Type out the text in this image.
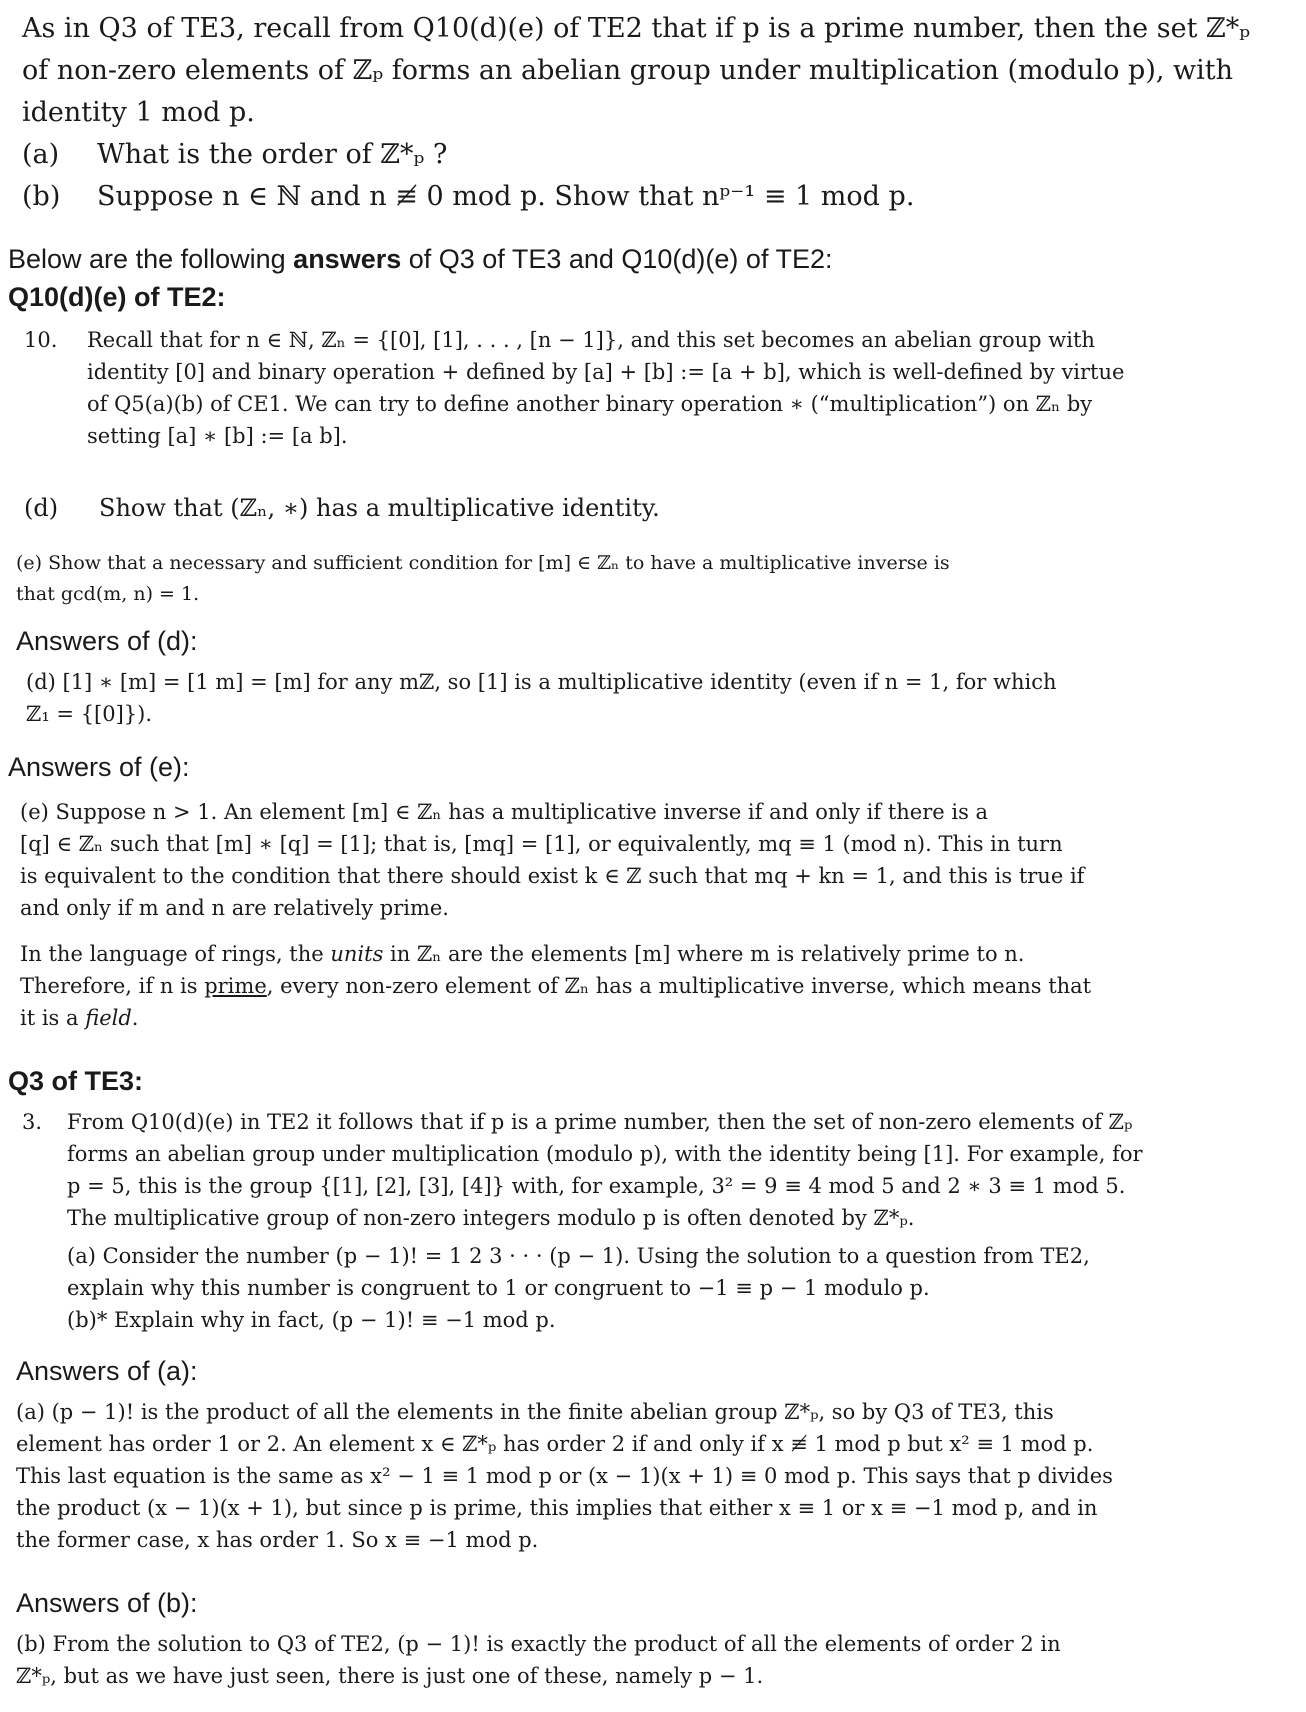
As in Q3 of TE3, recall from Q10(d)(e) of TE2 that if p is a prime number, then the set ℤ*ₚ

of non-zero elements of ℤₚ forms an abelian group under multiplication (modulo p), with

identity 1 mod p.

(a) What is the order of ℤ*ₚ ?

(b) Suppose n ∈ ℕ and n ≢ 0 mod p. Show that nᵖ⁻¹ ≡ 1 mod p.

Below are the following answers of Q3 of TE3 and Q10(d)(e) of TE2:

Q10(d)(e) of TE2:

10. Recall that for n ∈ ℕ, ℤₙ = {[0], [1], . . . , [n − 1]}, and this set becomes an abelian group with

identity [0] and binary operation + defined by [a] + [b] := [a + b], which is well-defined by virtue

of Q5(a)(b) of CE1. We can try to define another binary operation ∗ (“multiplication”) on ℤₙ by

setting [a] ∗ [b] := [a b].

(d) Show that (ℤₙ, ∗) has a multiplicative identity.

(e) Show that a necessary and sufficient condition for [m] ∈ ℤₙ to have a multiplicative inverse is

that gcd(m, n) = 1.

Answers of (d):

(d) [1] ∗ [m] = [1 m] = [m] for any mℤ, so [1] is a multiplicative identity (even if n = 1, for which

ℤ₁ = {[0]}).

Answers of (e):

(e) Suppose n > 1. An element [m] ∈ ℤₙ has a multiplicative inverse if and only if there is a

[q] ∈ ℤₙ such that [m] ∗ [q] = [1]; that is, [mq] = [1], or equivalently, mq ≡ 1 (mod n). This in turn

is equivalent to the condition that there should exist k ∈ ℤ such that mq + kn = 1, and this is true if

and only if m and n are relatively prime.

In the language of rings, the units in ℤₙ are the elements [m] where m is relatively prime to n.

Therefore, if n is prime, every non-zero element of ℤₙ has a multiplicative inverse, which means that

it is a field.

Q3 of TE3:

3. From Q10(d)(e) in TE2 it follows that if p is a prime number, then the set of non-zero elements of ℤₚ

forms an abelian group under multiplication (modulo p), with the identity being [1]. For example, for

p = 5, this is the group {[1], [2], [3], [4]} with, for example, 3² = 9 ≡ 4 mod 5 and 2 ∗ 3 ≡ 1 mod 5.

The multiplicative group of non-zero integers modulo p is often denoted by ℤ*ₚ.

(a) Consider the number (p − 1)! = 1 2 3 · · · (p − 1). Using the solution to a question from TE2,

explain why this number is congruent to 1 or congruent to −1 ≡ p − 1 modulo p.

(b)* Explain why in fact, (p − 1)! ≡ −1 mod p.

Answers of (a):

(a) (p − 1)! is the product of all the elements in the finite abelian group ℤ*ₚ, so by Q3 of TE3, this

element has order 1 or 2. An element x ∈ ℤ*ₚ has order 2 if and only if x ≢ 1 mod p but x² ≡ 1 mod p.

This last equation is the same as x² − 1 ≡ 1 mod p or (x − 1)(x + 1) ≡ 0 mod p. This says that p divides

the product (x − 1)(x + 1), but since p is prime, this implies that either x ≡ 1 or x ≡ −1 mod p, and in

the former case, x has order 1. So x ≡ −1 mod p.

Answers of (b):

(b) From the solution to Q3 of TE2, (p − 1)! is exactly the product of all the elements of order 2 in

ℤ*ₚ, but as we have just seen, there is just one of these, namely p − 1.
